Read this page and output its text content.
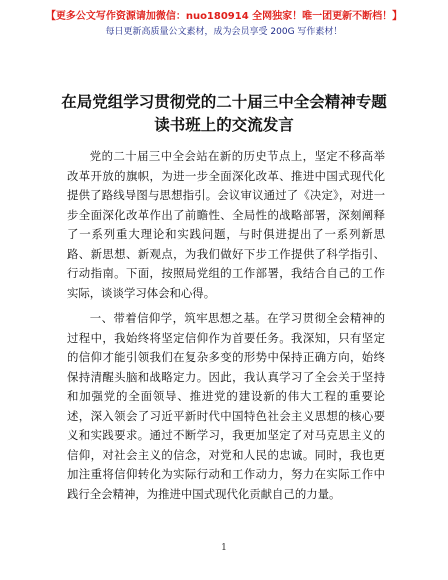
【更多公文写作资源请加微信：nuo180914 全网独家！唯一团更新不断档！】
每日更新高质量公文素材，成为会员享受 200G 写作素材！
在局党组学习贯彻党的二十届三中全会精神专题读书班上的交流发言

党的二十届三中全会站在新的历史节点上，坚定不移高举改革开放的旗帜，为进一步全面深化改革、推进中国式现代化提供了路线导图与思想指引。会议审议通过了《决定》，对进一步全面深化改革作出了前瞻性、全局性的战略部署，深刻阐释了一系列重大理论和实践问题，与时俱进提出了一系列新思路、新思想、新观点，为我们做好下步工作提供了科学指引、行动指南。下面，按照局党组的工作部署，我结合自己的工作实际，谈谈学习体会和心得。

一、带着信仰学，筑牢思想之基。在学习贯彻全会精神的过程中，我始终将坚定信仰作为首要任务。我深知，只有坚定的信仰才能引领我们在复杂多变的形势中保持正确方向，始终保持清醒头脑和战略定力。因此，我认真学习了全会关于坚持和加强党的全面领导、推进党的建设新的伟大工程的重要论述，深入领会了习近平新时代中国特色社会主义思想的核心要义和实践要求。通过不断学习，我更加坚定了对马克思主义的信仰，对社会主义的信念，对党和人民的忠诚。同时，我也更加注重将信仰转化为实际行动和工作动力，努力在实际工作中践行全会精神，为推进中国式现代化贡献自己的力量。

1
